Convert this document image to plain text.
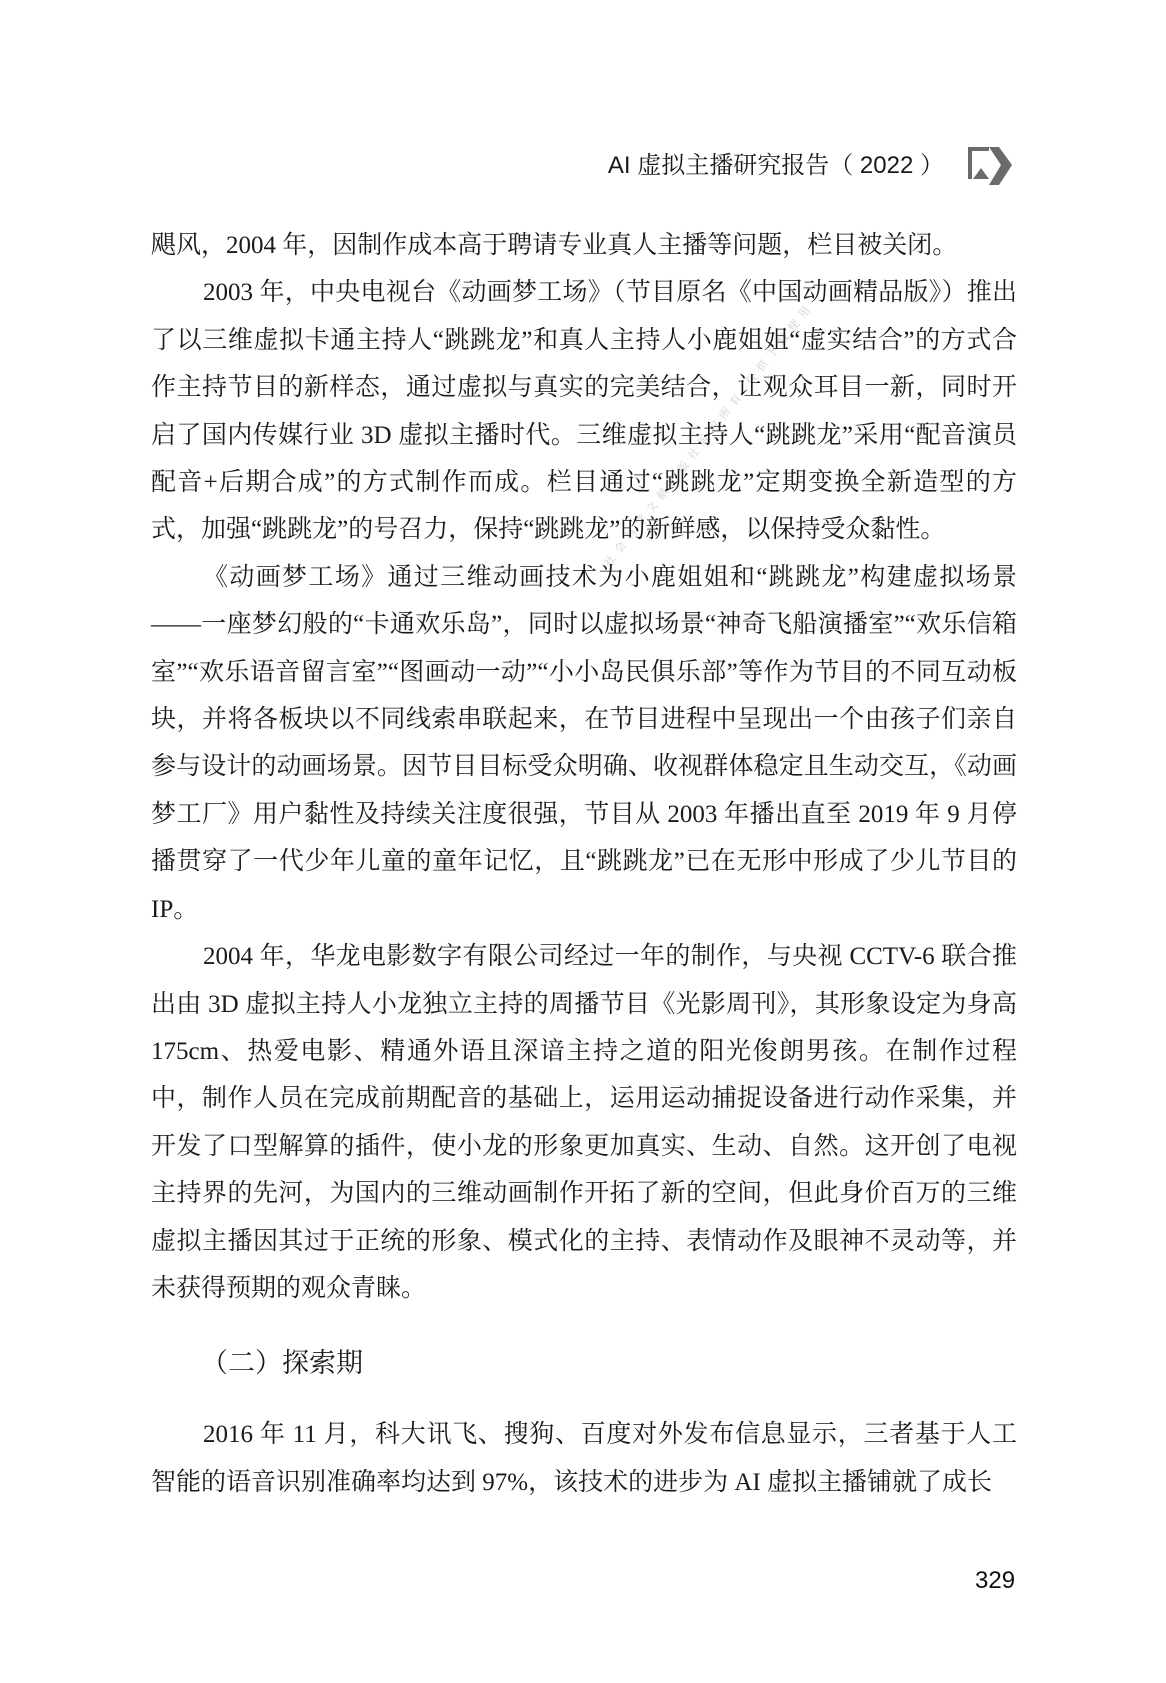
AI 虚拟主播研究报告（ 2022 ）
社会科学文献出版社版权所有 仅供下载使用

飓风，2004 年，因制作成本高于聘请专业真人主播等问题，栏目被关闭。

2003 年，中央电视台《动画梦工场》（节目原名《中国动画精品版》）推出了以三维虚拟卡通主持人“跳跳龙”和真人主持人小鹿姐姐“虚实结合”的方式合作主持节目的新样态，通过虚拟与真实的完美结合，让观众耳目一新，同时开启了国内传媒行业 3D 虚拟主播时代。三维虚拟主持人“跳跳龙”采用“配音演员配音+后期合成”的方式制作而成。栏目通过“跳跳龙”定期变换全新造型的方式，加强“跳跳龙”的号召力，保持“跳跳龙”的新鲜感，以保持受众黏性。

《动画梦工场》通过三维动画技术为小鹿姐姐和“跳跳龙”构建虚拟场景——一座梦幻般的“卡通欢乐岛”，同时以虚拟场景“神奇飞船演播室”“欢乐信箱室”“欢乐语音留言室”“图画动一动”“小小岛民俱乐部”等作为节目的不同互动板块，并将各板块以不同线索串联起来，在节目进程中呈现出一个由孩子们亲自参与设计的动画场景。因节目目标受众明确、收视群体稳定且生动交互，《动画梦工厂》用户黏性及持续关注度很强，节目从 2003 年播出直至 2019 年 9 月停播贯穿了一代少年儿童的童年记忆，且“跳跳龙”已在无形中形成了少儿节目的 IP。

2004 年，华龙电影数字有限公司经过一年的制作，与央视 CCTV-6 联合推出由 3D 虚拟主持人小龙独立主持的周播节目《光影周刊》，其形象设定为身高 175cm、热爱电影、精通外语且深谙主持之道的阳光俊朗男孩。在制作过程中，制作人员在完成前期配音的基础上，运用运动捕捉设备进行动作采集，并开发了口型解算的插件，使小龙的形象更加真实、生动、自然。这开创了电视主持界的先河，为国内的三维动画制作开拓了新的空间，但此身价百万的三维虚拟主播因其过于正统的形象、模式化的主持、表情动作及眼神不灵动等，并未获得预期的观众青睐。

（二）探索期

2016 年 11 月，科大讯飞、搜狗、百度对外发布信息显示，三者基于人工智能的语音识别准确率均达到 97%，该技术的进步为 AI 虚拟主播铺就了成长

329
